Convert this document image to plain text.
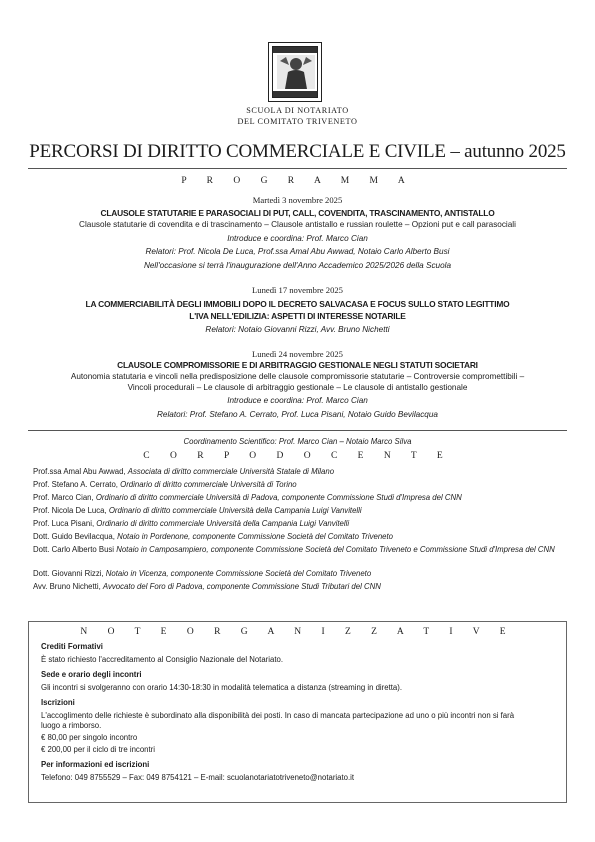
SCUOLA DI NOTARIATO
DEL COMITATO TRIVENETO
PERCORSI DI DIRITTO COMMERCIALE E CIVILE – autunno 2025
P R O G R A M M A
Martedì 3 novembre 2025
CLAUSOLE STATUTARIE E PARASOCIALI DI PUT, CALL, COVENDITA, TRASCINAMENTO, ANTISTALLO
Clausole statutarie di covendita e di trascinamento – Clausole antistallo e russian roulette – Opzioni put e call parasociali
Introduce e coordina: Prof. Marco Cian
Relatori: Prof. Nicola De Luca, Prof.ssa Amal Abu Awwad, Notaio Carlo Alberto Busi
Nell'occasione si terrà l'inaugurazione dell'Anno Accademico 2025/2026 della Scuola
Lunedì 17 novembre 2025
LA COMMERCIABILITÀ DEGLI IMMOBILI DOPO IL DECRETO SALVACASA E FOCUS SULLO STATO LEGITTIMO
L'IVA NELL'EDILIZIA: ASPETTI DI INTERESSE NOTARILE
Relatori: Notaio Giovanni Rizzi, Avv. Bruno Nichetti
Lunedì 24 novembre 2025
CLAUSOLE COMPROMISSORIE E DI ARBITRAGGIO GESTIONALE NEGLI STATUTI SOCIETARI
Autonomia statutaria e vincoli nella predisposizione delle clausole compromissorie statutarie – Controversie compromettibili –
Vincoli procedurali – Le clausole di arbitraggio gestionale – Le clausole di antistallo gestionale
Introduce e coordina: Prof. Marco Cian
Relatori: Prof. Stefano A. Cerrato, Prof. Luca Pisani, Notaio Guido Bevilacqua
Coordinamento Scientifico: Prof. Marco Cian – Notaio Marco Silva
C O R P O D O C E N T E
Prof.ssa Amal Abu Awwad, Associata di diritto commerciale Università Statale di Milano
Prof. Stefano A. Cerrato, Ordinario di diritto commerciale Università di Torino
Prof. Marco Cian, Ordinario di diritto commerciale Università di Padova, componente Commissione Studi d'Impresa del CNN
Prof. Nicola De Luca, Ordinario di diritto commerciale Università della Campania Luigi Vanvitelli
Prof. Luca Pisani, Ordinario di diritto commerciale Università della Campania Luigi Vanvitelli
Dott. Guido Bevilacqua, Notaio in Pordenone, componente Commissione Società del Comitato Triveneto
Dott. Carlo Alberto Busi Notaio in Camposampiero, componente Commissione Società del Comitato Triveneto e Commissione Studi d'Impresa del CNN
Dott. Giovanni Rizzi, Notaio in Vicenza, componente Commissione Società del Comitato Triveneto
Avv. Bruno Nichetti, Avvocato del Foro di Padova, componente Commissione Studi Tributari del CNN
N O T E O R G A N I Z Z A T I V E
Crediti Formativi
È stato richiesto l'accreditamento al Consiglio Nazionale del Notariato.
Sede e orario degli incontri
Gli incontri si svolgeranno con orario 14:30-18:30 in modalità telematica a distanza (streaming in diretta).
Iscrizioni
L'accoglimento delle richieste è subordinato alla disponibilità dei posti. In caso di mancata partecipazione ad uno o più incontri non si farà
luogo a rimborso.
€ 80,00 per singolo incontro
€ 200,00 per il ciclo di tre incontri
Per informazioni ed iscrizioni
Telefono: 049 8755529 – Fax: 049 8754121 – E-mail: scuolanotariatotriveneto@notariato.it
